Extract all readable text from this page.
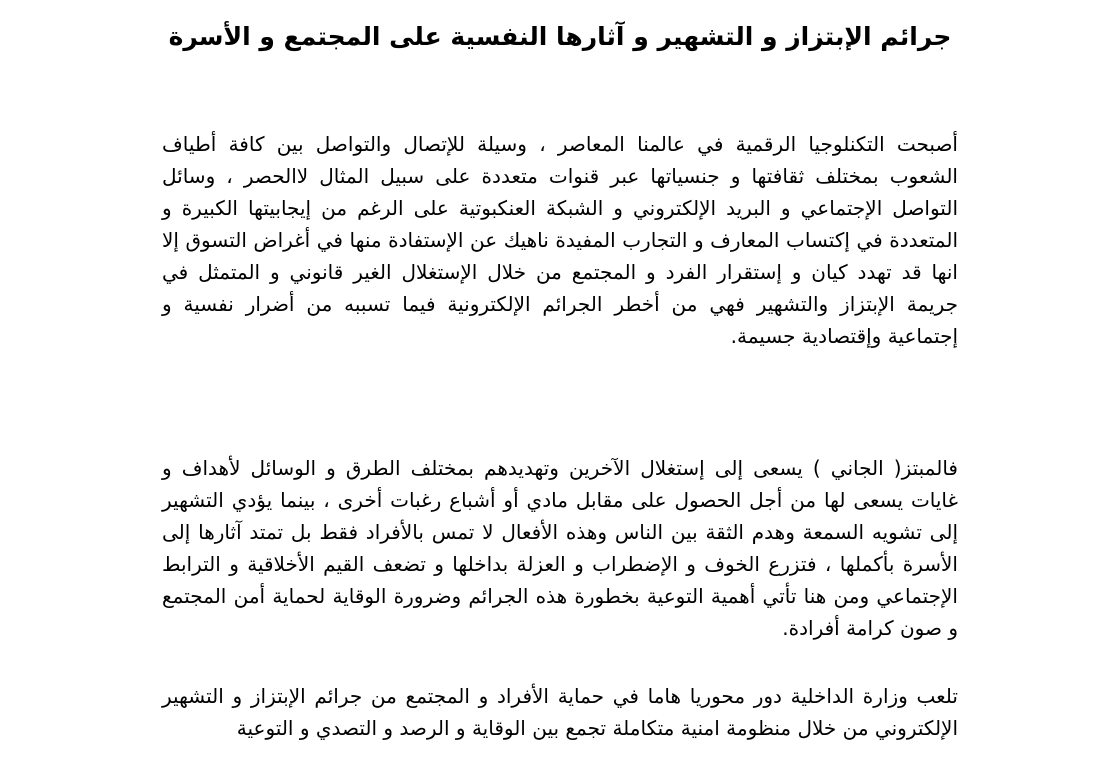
جرائم الإبتزاز و التشهير و آثارها النفسية على المجتمع و الأسرة

أصبحت التكنلوجيا الرقمية في عالمنا المعاصر ، وسيلة للإتصال والتواصل بين كافة أطياف الشعوب بمختلف ثقافتها و جنسياتها عبر قنوات متعددة على سبيل المثال لاالحصر ، وسائل التواصل الإجتماعي و البريد الإلكتروني و الشبكة العنكبوتية على الرغم من إيجابيتها الكبيرة و المتعددة في إكتساب المعارف و التجارب المفيدة ناهيك عن الإستفادة منها في أغراض التسوق إلا انها قد تهدد كيان و إستقرار الفرد و المجتمع من خلال الإستغلال الغير قانوني و المتمثل في جريمة الإبتزاز والتشهير فهي من أخطر الجرائم الإلكترونية فيما تسببه من أضرار نفسية و إجتماعية وإقتصادية جسيمة.

فالمبتز( الجاني ) يسعى إلى إستغلال الآخرين وتهديدهم بمختلف الطرق و الوسائل لأهداف و غايات يسعى لها من أجل الحصول على مقابل مادي أو أشباع رغبات أخرى ، بينما يؤدي التشهير إلى تشويه السمعة وهدم الثقة بين الناس وهذه الأفعال لا تمس بالأفراد فقط بل تمتد آثارها إلى الأسرة بأكملها ، فتزرع الخوف و الإضطراب و العزلة بداخلها و تضعف القيم الأخلاقية و الترابط الإجتماعي ومن هنا تأتي أهمية التوعية بخطورة هذه الجرائم وضرورة الوقاية لحماية أمن المجتمع و صون كرامة أفرادة.

تلعب وزارة الداخلية دور محوريا هاما في حماية الأفراد و المجتمع من جرائم الإبتزاز و التشهير الإلكتروني من خلال منظومة امنية متكاملة تجمع بين الوقاية و الرصد و التصدي و التوعية
